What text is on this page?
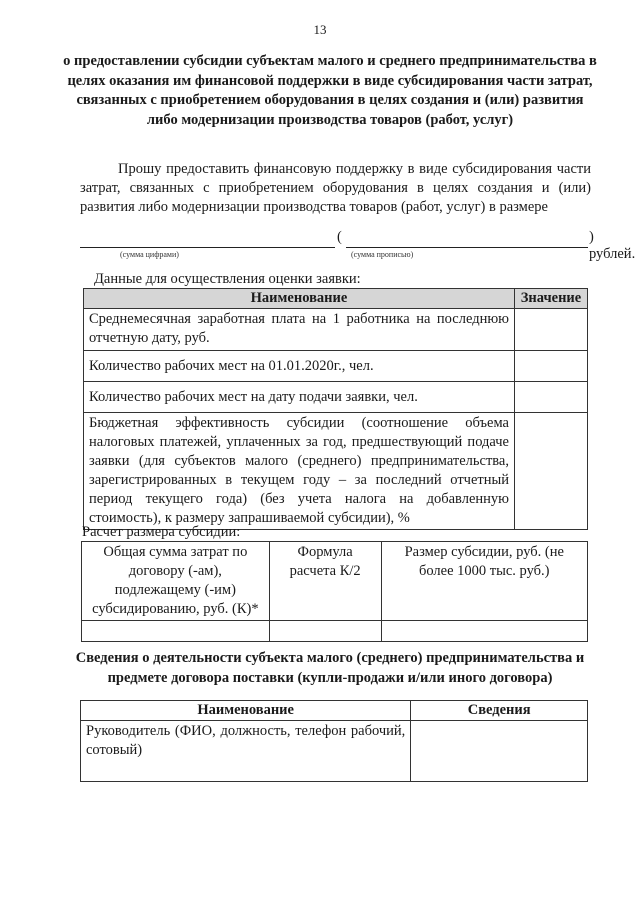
13
о предоставлении субсидии субъектам малого и среднего предпринимательства в целях оказания им финансовой поддержки в виде субсидирования части затрат, связанных с приобретением оборудования в целях создания и (или) развития либо модернизации производства товаров (работ, услуг)
Прошу предоставить финансовую поддержку в виде субсидирования части затрат, связанных с приобретением оборудования в целях создания и (или) развития либо модернизации производства товаров (работ, услуг) в размере
(	) рублей.
(сумма цифрами)	(сумма прописью)
Данные для осуществления оценки заявки:
Наименование	Значение
Среднемесячная заработная плата на 1 работника на последнюю отчетную дату, руб.	
Количество рабочих мест на 01.01.2020г., чел.	
Количество рабочих мест на дату подачи заявки, чел.	
Бюджетная эффективность субсидии (соотношение объема налоговых платежей, уплаченных за год, предшествующий подаче заявки (для субъектов малого (среднего) предпринимательства, зарегистрированных в текущем году – за последний отчетный период текущего года) (без учета налога на добавленную стоимость), к размеру запрашиваемой субсидии), %	
Расчет размера субсидии:
Общая сумма затрат по договору (-ам), подлежащему (-им) субсидированию, руб. (К)*	Формула расчета К/2	Размер субсидии, руб. (не более 1000 тыс. руб.)

Сведения о деятельности субъекта малого (среднего) предпринимательства и предмете договора поставки (купли-продажи и/или иного договора)
Наименование	Сведения
Руководитель (ФИО, должность, телефон рабочий, сотовый)	
